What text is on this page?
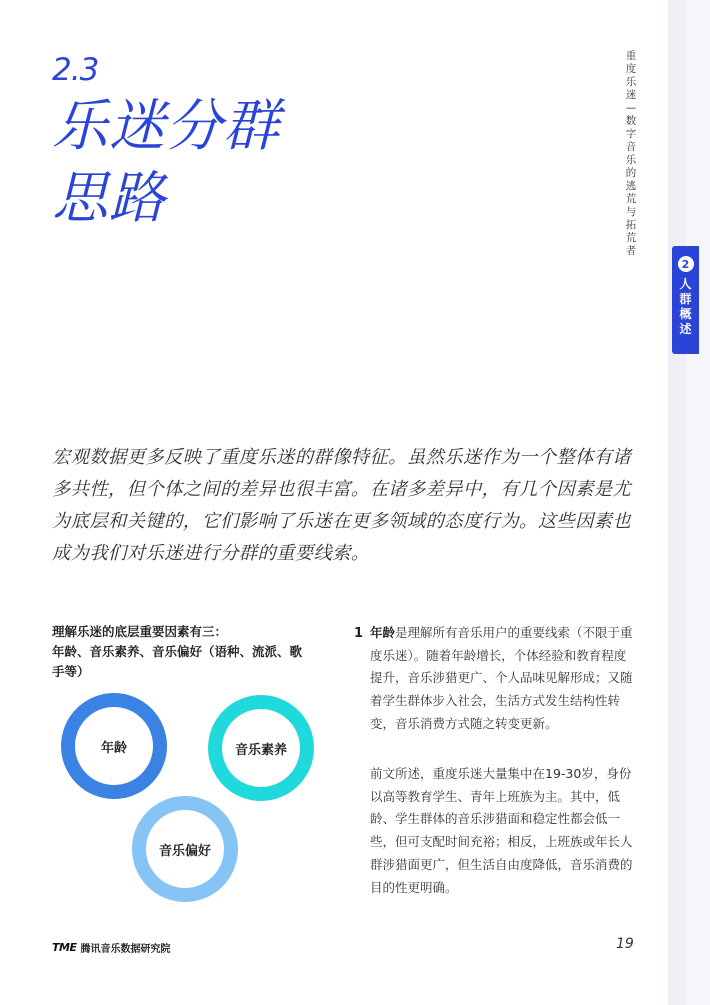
2.3
乐迷分群
思路
重度乐迷—数字音乐的逃荒与拓荒者
2
人群概述

宏观数据更多反映了重度乐迷的群像特征。虽然乐迷作为一个整体有诸多共性，但个体之间的差异也很丰富。在诸多差异中，有几个因素是尤为底层和关键的，它们影响了乐迷在更多领域的态度行为。这些因素也成为我们对乐迷进行分群的重要线索。

理解乐迷的底层重要因素有三：
年龄、音乐素养、音乐偏好（语种、流派、歌
手等）
年龄	音乐素养
音乐偏好
1 年龄是理解所有音乐用户的重要线索（不限于重度乐迷）。随着年龄增长，个体经验和教育程度提升，音乐涉猎更广、个人品味见解形成；又随着学生群体步入社会，生活方式发生结构性转变，音乐消费方式随之转变更新。

前文所述，重度乐迷大量集中在19-30岁，身份以高等教育学生、青年上班族为主。其中，低龄、学生群体的音乐涉猎面和稳定性都会低一些，但可支配时间充裕；相反，上班族或年长人群涉猎面更广，但生活自由度降低，音乐消费的目的性更明确。

TME 腾讯音乐数据研究院	19
